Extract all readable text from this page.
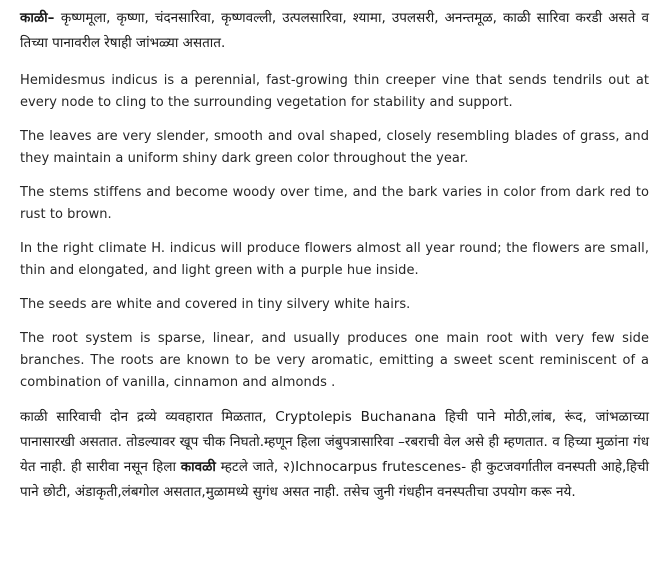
काळी– कृष्णमूला, कृष्णा, चंदनसारिवा, कृष्णवल्ली, उत्पलसारिवा, श्यामा, उपलसरी, अनन्तमूळ, काळी सारिवा करडी असते व तिच्या पानावरील रेषाही जांभळ्या असतात.

Hemidesmus indicus is a perennial, fast-growing thin creeper vine that sends tendrils out at every node to cling to the surrounding vegetation for stability and support.

The leaves are very slender, smooth and oval shaped, closely resembling blades of grass, and they maintain a uniform shiny dark green color throughout the year.

The stems stiffens and become woody over time, and the bark varies in color from dark red to rust to brown.

In the right climate H. indicus will produce flowers almost all year round; the flowers are small, thin and elongated, and light green with a purple hue inside.

The seeds are white and covered in tiny silvery white hairs.

The root system is sparse, linear, and usually produces one main root with very few side branches. The roots are known to be very aromatic, emitting a sweet scent reminiscent of a combination of vanilla, cinnamon and almonds .

काळी सारिवाची दोन द्रव्ये व्यवहारात मिळतात, Cryptolepis Buchanana हिची पाने मोठी,लांब, रूंद, जांभळाच्या पानासारखी असतात. तोडल्यावर खूप चीक निघतो.म्हणून हिला जंबुपत्रासारिवा –रबराची वेल असे ही म्हणतात. व हिच्या मुळांना गंध येत नाही. ही सारीवा नसून हिला कावळी म्हटले जाते, २)Ichnocarpus frutescenes- ही कुटजवर्गातील वनस्पती आहे,हिची पाने छोटी, अंडाकृती,लंबगोल असतात,मुळामध्ये सुगंध असत नाही. तसेच जुनी गंधहीन वनस्पतीचा उपयोग करू नये.
